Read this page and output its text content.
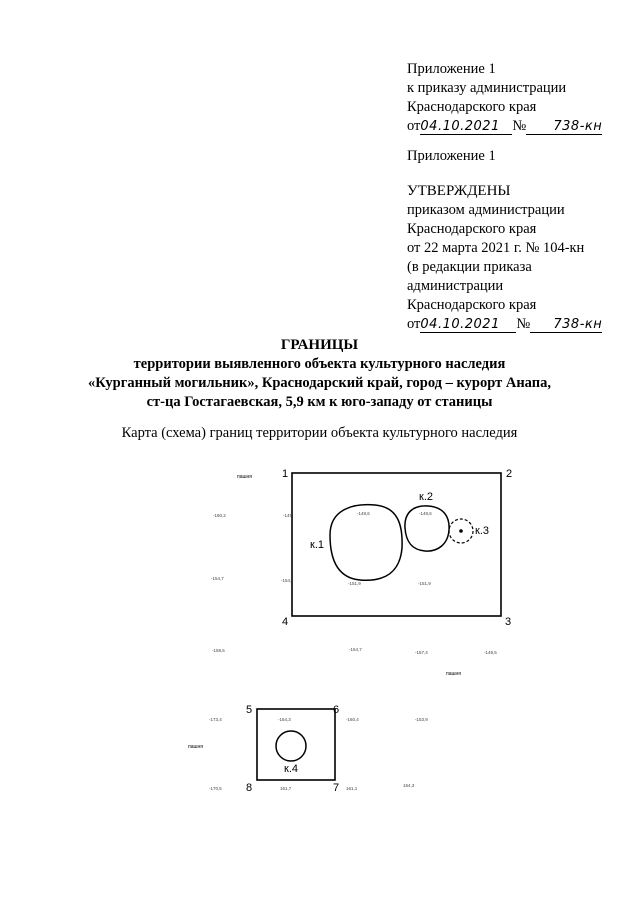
Приложение 1
к приказу администрации
Краснодарского края
от04.10.2021 № 738-кн
Приложение 1
УТВЕРЖДЕНЫ
приказом администрации
Краснодарского края
от 22 марта 2021 г. № 104-кн
(в редакции приказа
администрации
Краснодарского края
от04.10.2021 № 738-кн
ГРАНИЦЫ
территории выявленного объекта культурного наследия
«Курганный могильник», Краснодарский край, город – курорт Анапа,
ст-ца Гостагаевская, 5,9 км к юго-западу от станицы
Карта (схема) границ территории объекта культурного наследия
1	2
3
4
5	6
7
8
к.1
к.2
к.3
к.4
пашня
пашня
пашня
-160,2	-149,	-148,6	-148,6
-154,7	-154,
-151,9	-151,9
-158,5	-154,7
-157,4	-149,5
-173,4	-164,3	-160,4	-153,9
-170,5	161,7	161,1
164,3
